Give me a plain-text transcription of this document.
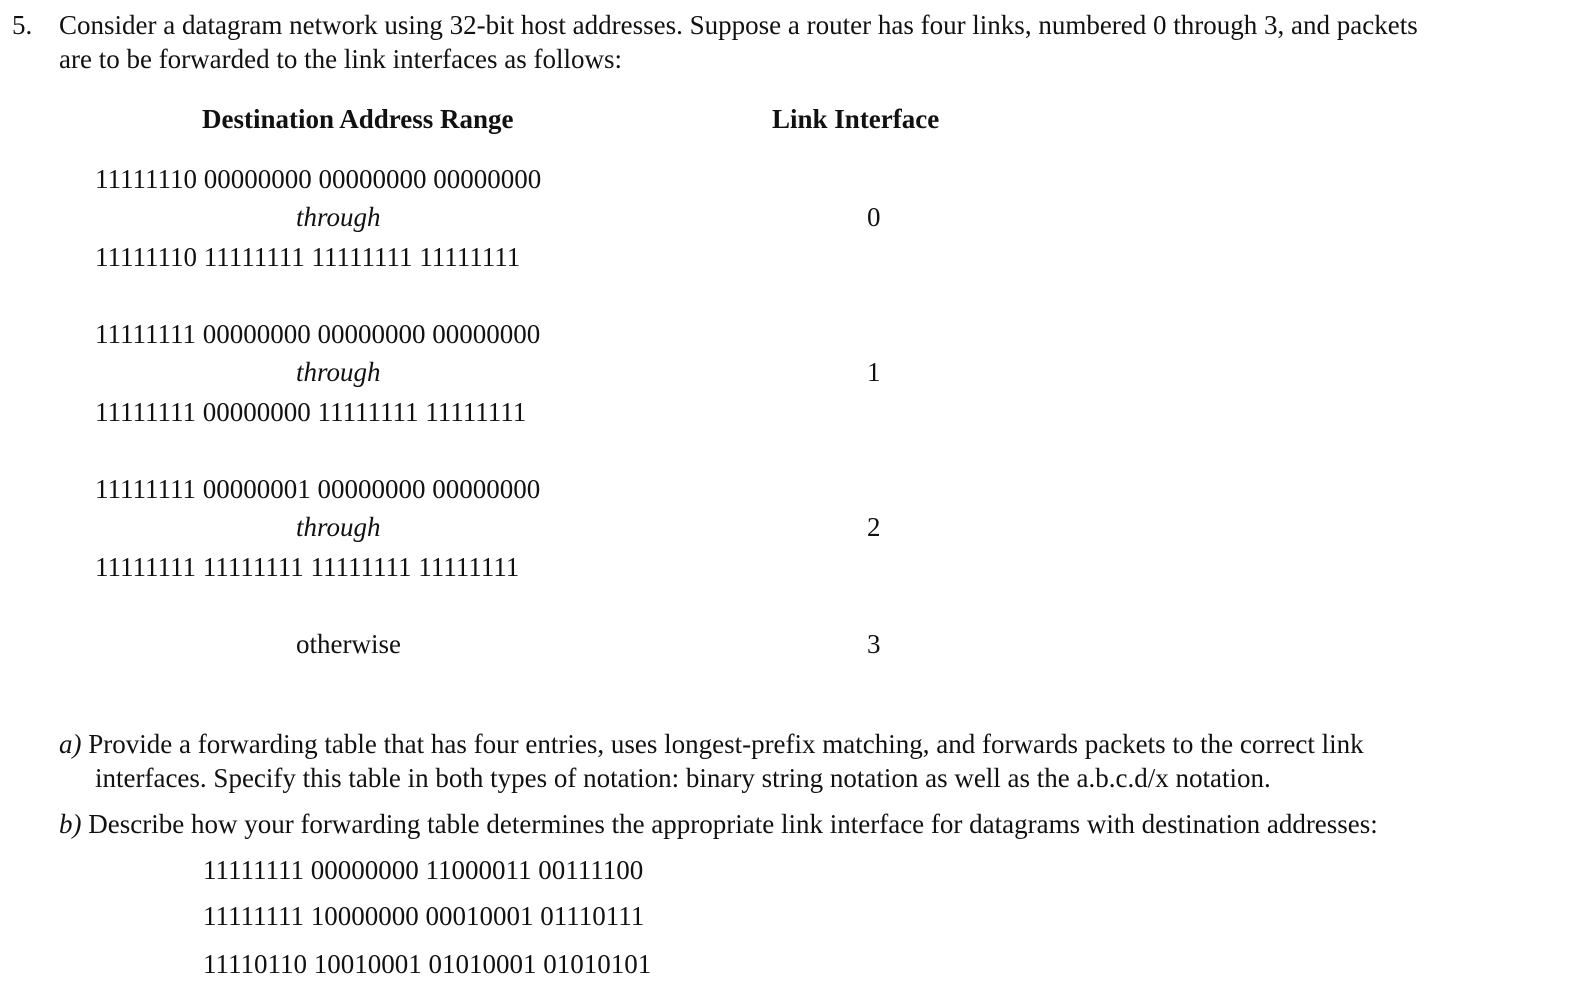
5. Consider a datagram network using 32-bit host addresses. Suppose a router has four links, numbered 0 through 3, and packets
are to be forwarded to the link interfaces as follows:
Destination Address Range	Link Interface
11111110 00000000 00000000 00000000
through
11111110 11111111 11111111 11111111
0
11111111 00000000 00000000 00000000
through
11111111 00000000 11111111 11111111
1
11111111 00000001 00000000 00000000
through
11111111 11111111 11111111 11111111
2
otherwise	3
a) Provide a forwarding table that has four entries, uses longest-prefix matching, and forwards packets to the correct link
interfaces. Specify this table in both types of notation: binary string notation as well as the a.b.c.d/x notation.
b) Describe how your forwarding table determines the appropriate link interface for datagrams with destination addresses:
11111111 00000000 11000011 00111100
11111111 10000000 00010001 01110111
11110110 10010001 01010001 01010101
